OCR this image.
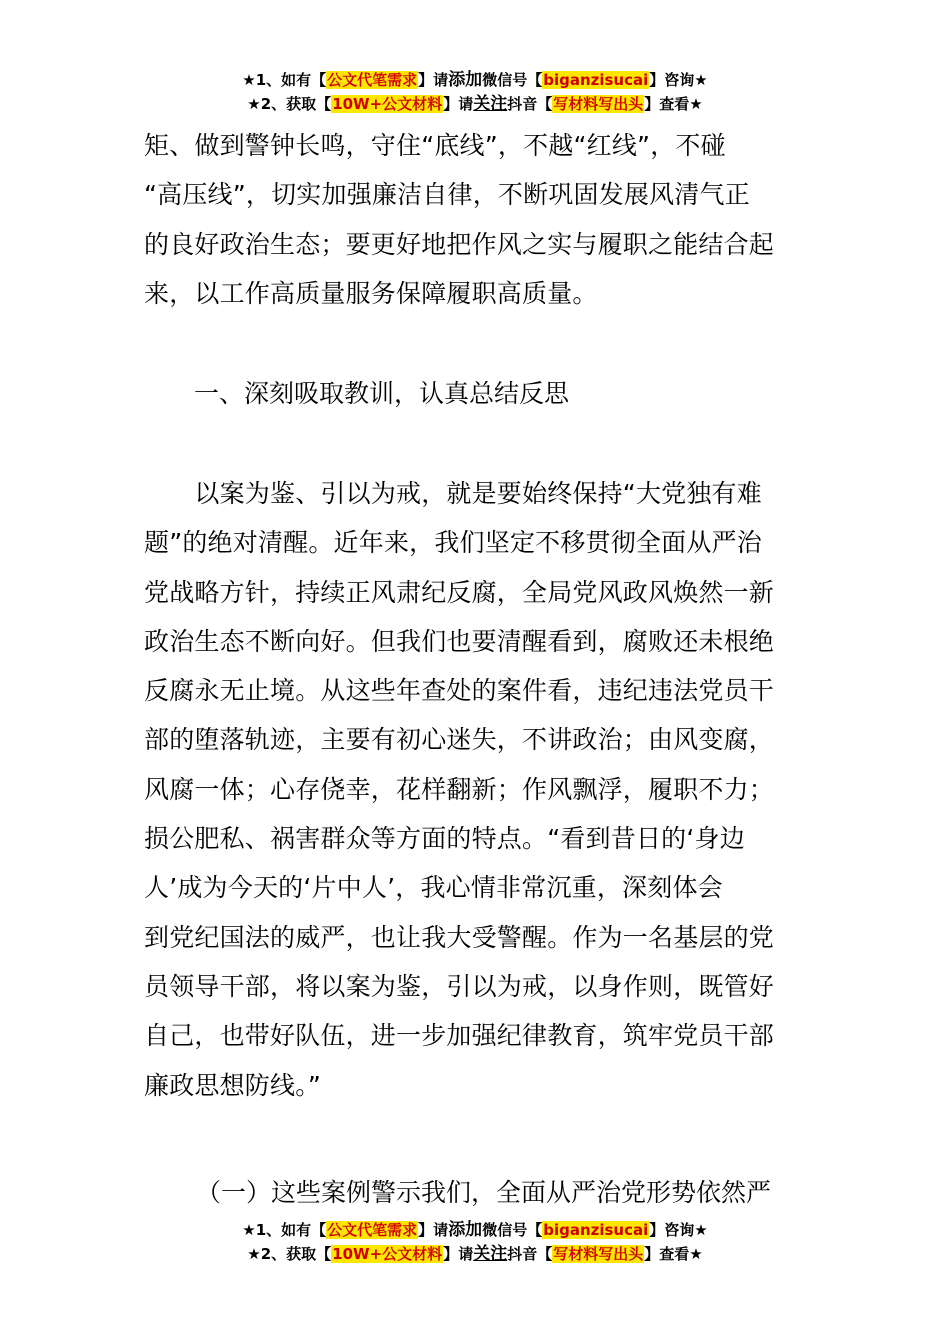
★1、如有【公文代笔需求】请添加微信号【biganzisucai】咨询★
★2、获取【10W+公文材料】请关注抖音【写材料写出头】查看★
矩、做到警钟长鸣，守住“底线”，不越“红线”，不碰
“高压线”，切实加强廉洁自律，不断巩固发展风清气正
的良好政治生态；要更好地把作风之实与履职之能结合起
来，以工作高质量服务保障履职高质量。
一、深刻吸取教训，认真总结反思
　　以案为鉴、引以为戒，就是要始终保持“大党独有难
题”的绝对清醒。近年来，我们坚定不移贯彻全面从严治
党战略方针，持续正风肃纪反腐，全局党风政风焕然一新
政治生态不断向好。但我们也要清醒看到，腐败还未根绝
反腐永无止境。从这些年查处的案件看，违纪违法党员干
部的堕落轨迹，主要有初心迷失，不讲政治；由风变腐，
风腐一体；心存侥幸，花样翻新；作风飘浮，履职不力；
损公肥私、祸害群众等方面的特点。“看到昔日的‘身边
人’成为今天的‘片中人’，我心情非常沉重，深刻体会
到党纪国法的威严，也让我大受警醒。作为一名基层的党
员领导干部，将以案为鉴，引以为戒，以身作则，既管好
自己，也带好队伍，进一步加强纪律教育，筑牢党员干部
廉政思想防线。”
（一）这些案例警示我们，全面从严治党形势依然严
★1、如有【公文代笔需求】请添加微信号【biganzisucai】咨询★
★2、获取【10W+公文材料】请关注抖音【写材料写出头】查看★
